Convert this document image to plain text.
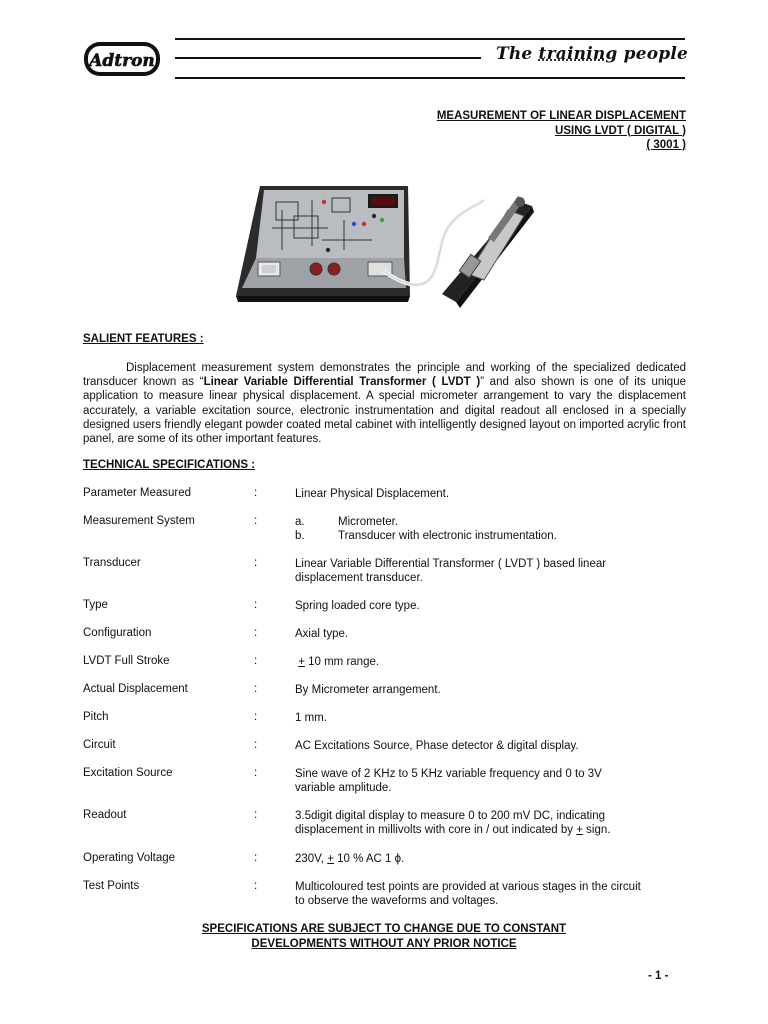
Adtron	The training people
MEASUREMENT OF LINEAR DISPLACEMENT
USING LVDT ( DIGITAL )
( 3001 )
SALIENT FEATURES :
Displacement measurement system demonstrates the principle and working of the specialized dedicated transducer known as “Linear Variable Differential Transformer ( LVDT )” and also shown is one of its unique application to measure linear physical displacement. A special micrometer arrangement to vary the displacement accurately, a variable excitation source, electronic instrumentation and digital readout all enclosed in a specially designed users friendly elegant powder coated metal cabinet with intelligently designed layout on imported acrylic front panel, are some of its other important features.
TECHNICAL SPECIFICATIONS :
Parameter Measured	:	Linear Physical Displacement.
Measurement System	:	a.	Micrometer.
b.	Transducer with electronic instrumentation.
Transducer	:	Linear Variable Differential Transformer ( LVDT ) based linear
displacement transducer.
Type	:	Spring loaded core type.
Configuration	:	Axial type.
LVDT Full Stroke	:	+ 10 mm range.
Actual Displacement	:	By Micrometer arrangement.
Pitch	:	1 mm.
Circuit	:	AC Excitations Source, Phase detector & digital display.
Excitation Source	:	Sine wave of 2 KHz to 5 KHz variable frequency and 0 to 3V
variable amplitude.
Readout	:	3.5digit digital display to measure 0 to 200 mV DC, indicating
displacement in millivolts with core in / out indicated by + sign.
Operating Voltage	:	230V, + 10 % AC 1 ϕ.
Test Points	:	Multicoloured test points are provided at various stages in the circuit
to observe the waveforms and voltages.
SPECIFICATIONS ARE SUBJECT TO CHANGE DUE TO CONSTANT
DEVELOPMENTS WITHOUT ANY PRIOR NOTICE
- 1 -
